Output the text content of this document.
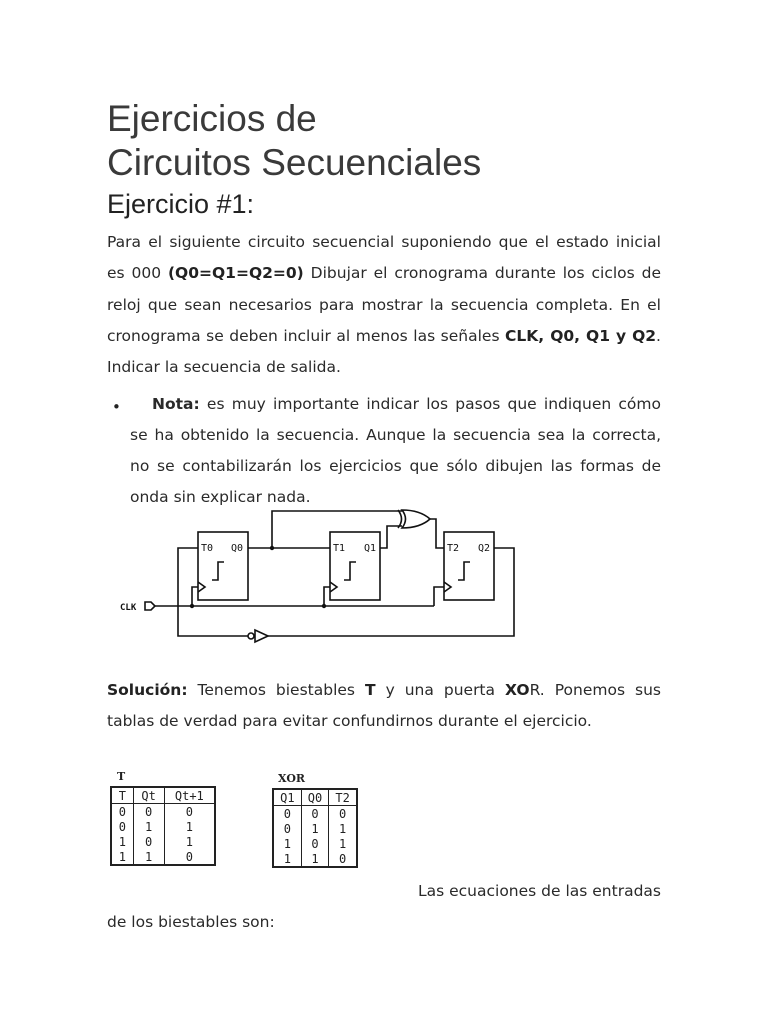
Ejercicios de
Circuitos Secuenciales
Ejercicio #1:
Para el siguiente circuito secuencial suponiendo que el estado inicial es 000 (Q0=Q1=Q2=0) Dibujar el cronograma durante los ciclos de reloj que sean necesarios para mostrar la secuencia completa. En el cronograma se deben incluir al menos las señales CLK, Q0, Q1 y Q2. Indicar la secuencia de salida.
•	Nota: es muy importante indicar los pasos que indiquen cómo se ha obtenido la secuencia. Aunque la secuencia sea la correcta, no se contabilizarán los ejercicios que sólo dibujen las formas de onda sin explicar nada.
CLK
T0 Q0	T1 Q1	T2 Q2
Solución: Tenemos biestables T y una puerta XOR. Ponemos sus tablas de verdad para evitar confundirnos durante el ejercicio.
T
T	Qt	Qt+1
0	0	0
0	1	1
1	0	1
1	1	0
XOR
Q1	Q0	T2
0	0	0
0	1	1
1	0	1
1	1	0
Las ecuaciones de las entradas
de los biestables son:
